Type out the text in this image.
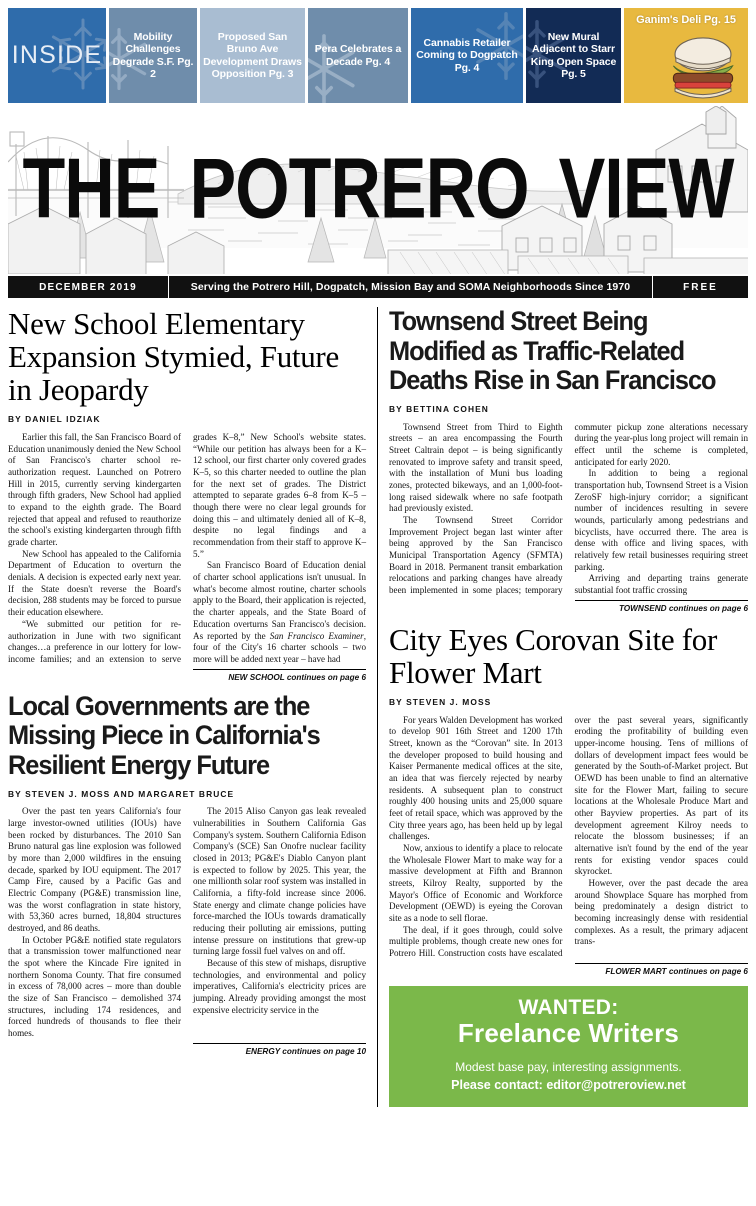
INSIDE
Mobility Challenges Degrade S.F. Pg. 2
Proposed San Bruno Ave Development Draws Opposition Pg. 3
Pera Celebrates a Decade Pg. 4
Cannabis Retailer Coming to Dogpatch Pg. 4
New Mural Adjacent to Starr King Open Space Pg. 5
Ganim's Deli Pg. 15
THE POTRERO VIEW
DECEMBER 2019	Serving the Potrero Hill, Dogpatch, Mission Bay and SOMA Neighborhoods Since 1970	FREE
New School Elementary Expansion Stymied, Future in Jeopardy
BY DANIEL IDZIAK

Earlier this fall, the San Francisco Board of Education unanimously denied the New School of San Francisco's charter school re-authorization request. Launched on Potrero Hill in 2015, currently serving kindergarten through fifth graders, New School had applied to expand to the eighth grade. The Board rejected that appeal and refused to reauthorize the school's existing kindergarten through fifth grade charter.

New School has appealed to the California Department of Education to overturn the denials. A decision is expected early next year. If the State doesn't reverse the Board's decision, 288 students may be forced to pursue their education elsewhere.

“We submitted our petition for re-authorization in June with two significant changes…a preference in our lottery for low-income families; and an extension to serve grades K–8,” New School's website states. “While our petition has always been for a K–12 school, our first charter only covered grades K–5, so this charter needed to outline the plan for the next set of grades. The District attempted to separate grades 6–8 from K–5 – though there were no clear legal grounds for doing this – and ultimately denied all of K–8, despite no legal findings and a recommendation from their staff to approve K–5.”

San Francisco Board of Education denial of charter school applications isn't unusual. In what's become almost routine, charter schools apply to the Board, their application is rejected, the charter appeals, and the State Board of Education overturns San Francisco's decision. As reported by the San Francisco Examiner, four of the City's 16 charter schools – two more will be added next year – have had

NEW SCHOOL continues on page 6
Local Governments are the Missing Piece in California's Resilient Energy Future
BY STEVEN J. MOSS AND MARGARET BRUCE

Over the past ten years California's four large investor-owned utilities (IOUs) have been rocked by disturbances. The 2010 San Bruno natural gas line explosion was followed by more than 2,000 wildfires in the ensuing decade, sparked by IOU equipment. The 2017 Camp Fire, caused by a Pacific Gas and Electric Company (PG&E) transmission line, was the worst conflagration in state history, with 53,360 acres burned, 18,804 structures destroyed, and 86 deaths.

In October PG&E notified state regulators that a transmission tower malfunctioned near the spot where the Kincade Fire ignited in northern Sonoma County. That fire consumed in excess of 78,000 acres – more than double the size of San Francisco – demolished 374 structures, including 174 residences, and forced hundreds of thousands to flee their homes.

The 2015 Aliso Canyon gas leak revealed vulnerabilities in Southern California Gas Company's system. Southern California Edison Company's (SCE) San Onofre nuclear facility closed in 2013; PG&E's Diablo Canyon plant is expected to follow by 2025. This year, the one millionth solar roof system was installed in California, a fifty-fold increase since 2006. State energy and climate change policies have force-marched the IOUs towards dramatically reducing their polluting air emissions, putting intense pressure on institutions that grew-up turning large fossil fuel valves on and off.

Because of this stew of mishaps, disruptive technologies, and environmental and policy imperatives, California's electricity prices are jumping. Already providing amongst the most expensive electricity service in the

ENERGY continues on page 10
Townsend Street Being Modified as Traffic-Related Deaths Rise in San Francisco
BY BETTINA COHEN

Townsend Street from Third to Eighth streets – an area encompassing the Fourth Street Caltrain depot – is being significantly renovated to improve safety and transit speed, with the installation of Muni bus loading zones, protected bikeways, and an 1,000-foot-long raised sidewalk where no safe footpath had previously existed.

The Townsend Street Corridor Improvement Project began last winter after being approved by the San Francisco Municipal Transportation Agency (SFMTA) Board in 2018. Permanent transit embarkation relocations and parking changes have already been implemented in some places; temporary commuter pickup zone alterations necessary during the year-plus long project will remain in effect until the scheme is completed, anticipated for early 2020.

In addition to being a regional transportation hub, Townsend Street is a Vision ZeroSF high-injury corridor; a significant number of incidences resulting in severe wounds, particularly among pedestrians and bicyclists, have occurred there. The area is dense with office and living spaces, with relatively few retail businesses requiring street parking.

Arriving and departing trains generate substantial foot traffic crossing

TOWNSEND continues on page 6
City Eyes Corovan Site for Flower Mart
BY STEVEN J. MOSS

For years Walden Development has worked to develop 901 16th Street and 1200 17th Street, known as the “Corovan” site. In 2013 the developer proposed to build housing and Kaiser Permanente medical offices at the site, an idea that was fiercely rejected by nearby residents. A subsequent plan to construct roughly 400 housing units and 25,000 square feet of retail space, which was approved by the City three years ago, has been held up by legal challenges.

Now, anxious to identify a place to relocate the Wholesale Flower Mart to make way for a massive development at Fifth and Brannon streets, Kilroy Realty, supported by the Mayor's Office of Economic and Workforce Development (OEWD) is eyeing the Corovan site as a node to sell florae.

The deal, if it goes through, could solve multiple problems, though create new ones for Potrero Hill. Construction costs have escalated over the past several years, significantly eroding the profitability of building even upper-income housing. Tens of millions of dollars of development impact fees would be generated by the South-of-Market project. But OEWD has been unable to find an alternative site for the Flower Mart, failing to secure locations at the Wholesale Produce Mart and other Bayview properties. As part of its development agreement Kilroy needs to relocate the blossom businesses; if an alternative isn't found by the end of the year rents for existing vendor spaces could skyrocket.

However, over the past decade the area around Showplace Square has morphed from being predominately a design district to becoming increasingly dense with residential complexes. As a result, the primary adjacent trans-

FLOWER MART continues on page 6
WANTED:
Freelance Writers
Modest base pay, interesting assignments.
Please contact: editor@potreroview.net
